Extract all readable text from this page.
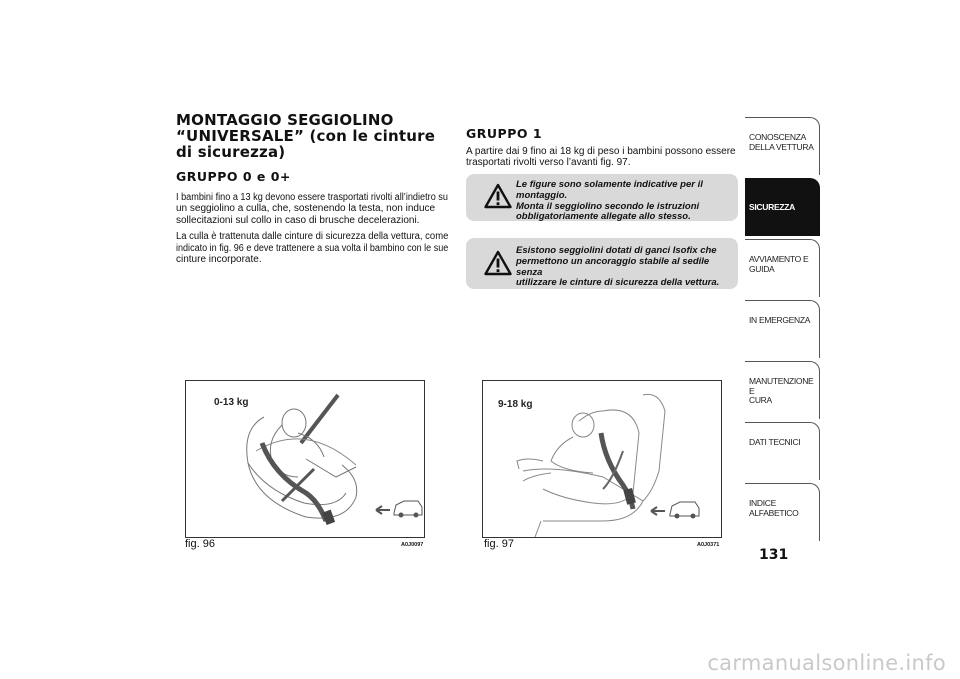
MONTAGGIO SEGGIOLINO
“UNIVERSALE” (con le cinture
di sicurezza)
GRUPPO 0 e 0+
I bambini fino a 13 kg devono essere trasportati rivolti all’indietro su
un seggiolino a culla, che, sostenendo la testa, non induce
sollecitazioni sul collo in caso di brusche decelerazioni.
La culla è trattenuta dalle cinture di sicurezza della vettura, come
indicato in fig. 96 e deve trattenere a sua volta il bambino con le sue
cinture incorporate.
GRUPPO 1
A partire dai 9 fino ai 18 kg di peso i bambini possono essere
trasportati rivolti verso l’avanti fig. 97.
Le figure sono solamente indicative per il montaggio.
Monta il seggiolino secondo le istruzioni
obbligatoriamente allegate allo stesso.
Esistono seggiolini dotati di ganci Isofix che
permettono un ancoraggio stabile al sedile senza
utilizzare le cinture di sicurezza della vettura.
0-13 kg
fig. 96	A0J0097
9-18 kg
fig. 97	A0J0371
CONOSCENZA
DELLA VETTURA
SICUREZZA
AVVIAMENTO E
GUIDA
IN EMERGENZA
MANUTENZIONE E
CURA
DATI TECNICI
INDICE ALFABETICO
131
carmanualsonline.info
